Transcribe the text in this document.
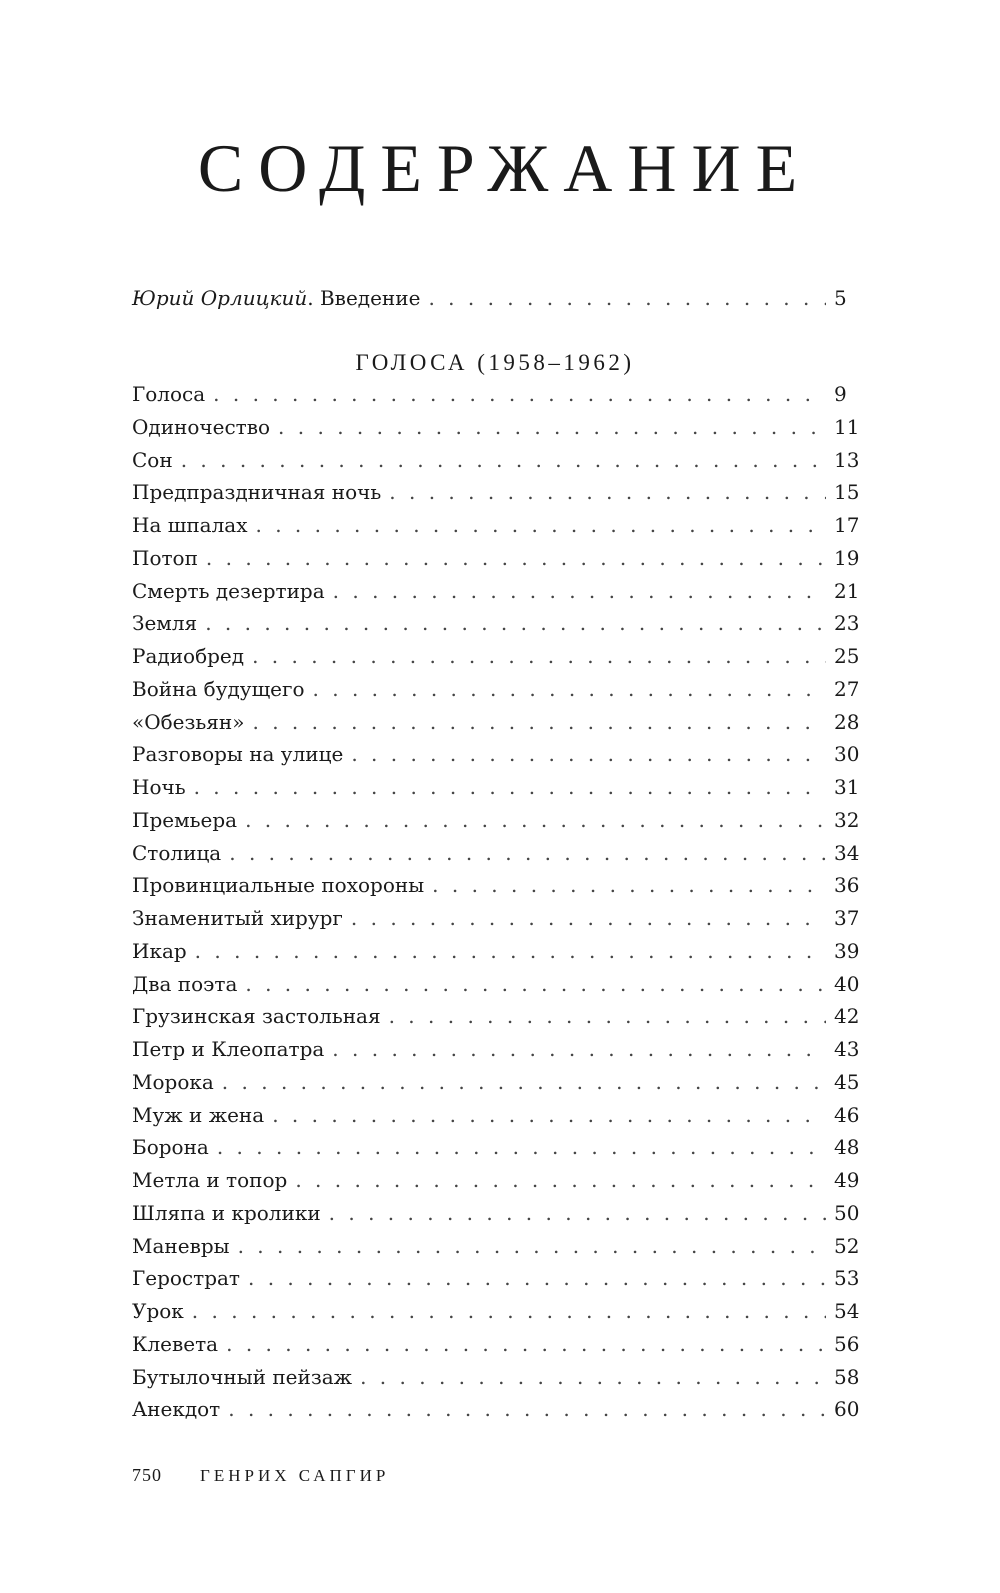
СОДЕРЖАНИЕ
Юрий Орлицкий . Введение . . .	5
ГОЛОСА (1958–1962)
Голоса . . .	9
Одиночество . . .	11
Сон . . .	13
Предпраздничная ночь . . .	15
На шпалах . . .	17
Потоп . . .	19
Смерть дезертира . . .	21
Земля . . .	23
Радиобред . . .	25
Война будущего . . .	27
«Обезьян» . . .	28
Разговоры на улице . . .	30
Ночь . . .	31
Премьера . . .	32
Столица . . .	34
Провинциальные похороны . . .	36
Знаменитый хирург . . .	37
Икар . . .	39
Два поэта . . .	40
Грузинская застольная . . .	42
Петр и Клеопатра . . .	43
Морока . . .	45
Муж и жена . . .	46
Борона . . .	48
Метла и топор . . .	49
Шляпа и кролики . . .	50
Маневры . . .	52
Герострат . . .	53
Урок . . .	54
Клевета . . .	56
Бутылочный пейзаж . . .	58
Анекдот . . .	60
750 ГЕНРИХ САПГИР
